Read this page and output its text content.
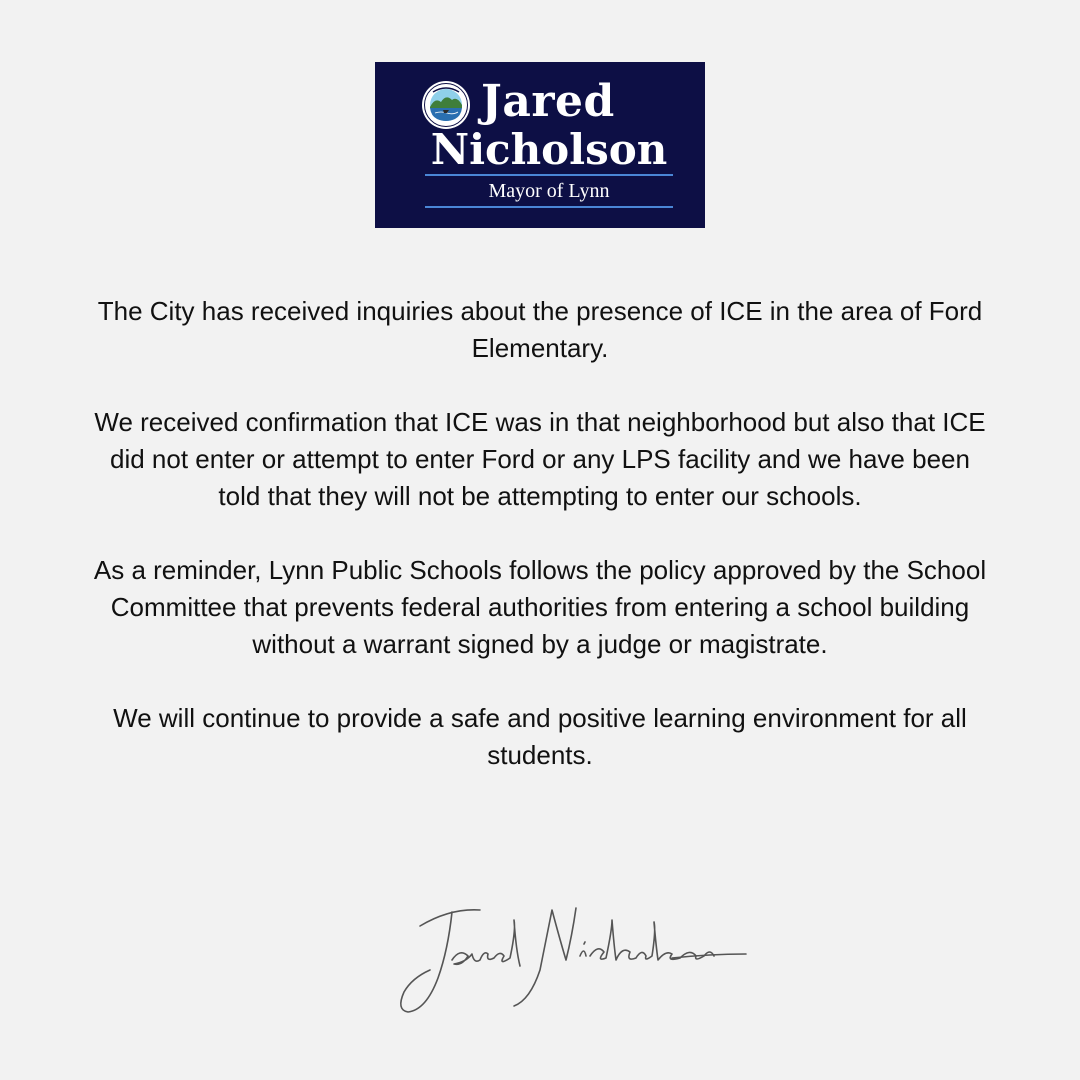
Jared
Nicholson
Mayor of Lynn

The City has received inquiries about the presence of ICE in the area of Ford Elementary.

We received confirmation that ICE was in that neighborhood but also that ICE did not enter or attempt to enter Ford or any LPS facility and we have been told that they will not be attempting to enter our schools.

As a reminder, Lynn Public Schools follows the policy approved by the School Committee that prevents federal authorities from entering a school building without a warrant signed by a judge or magistrate.

We will continue to provide a safe and positive learning environment for all students.
